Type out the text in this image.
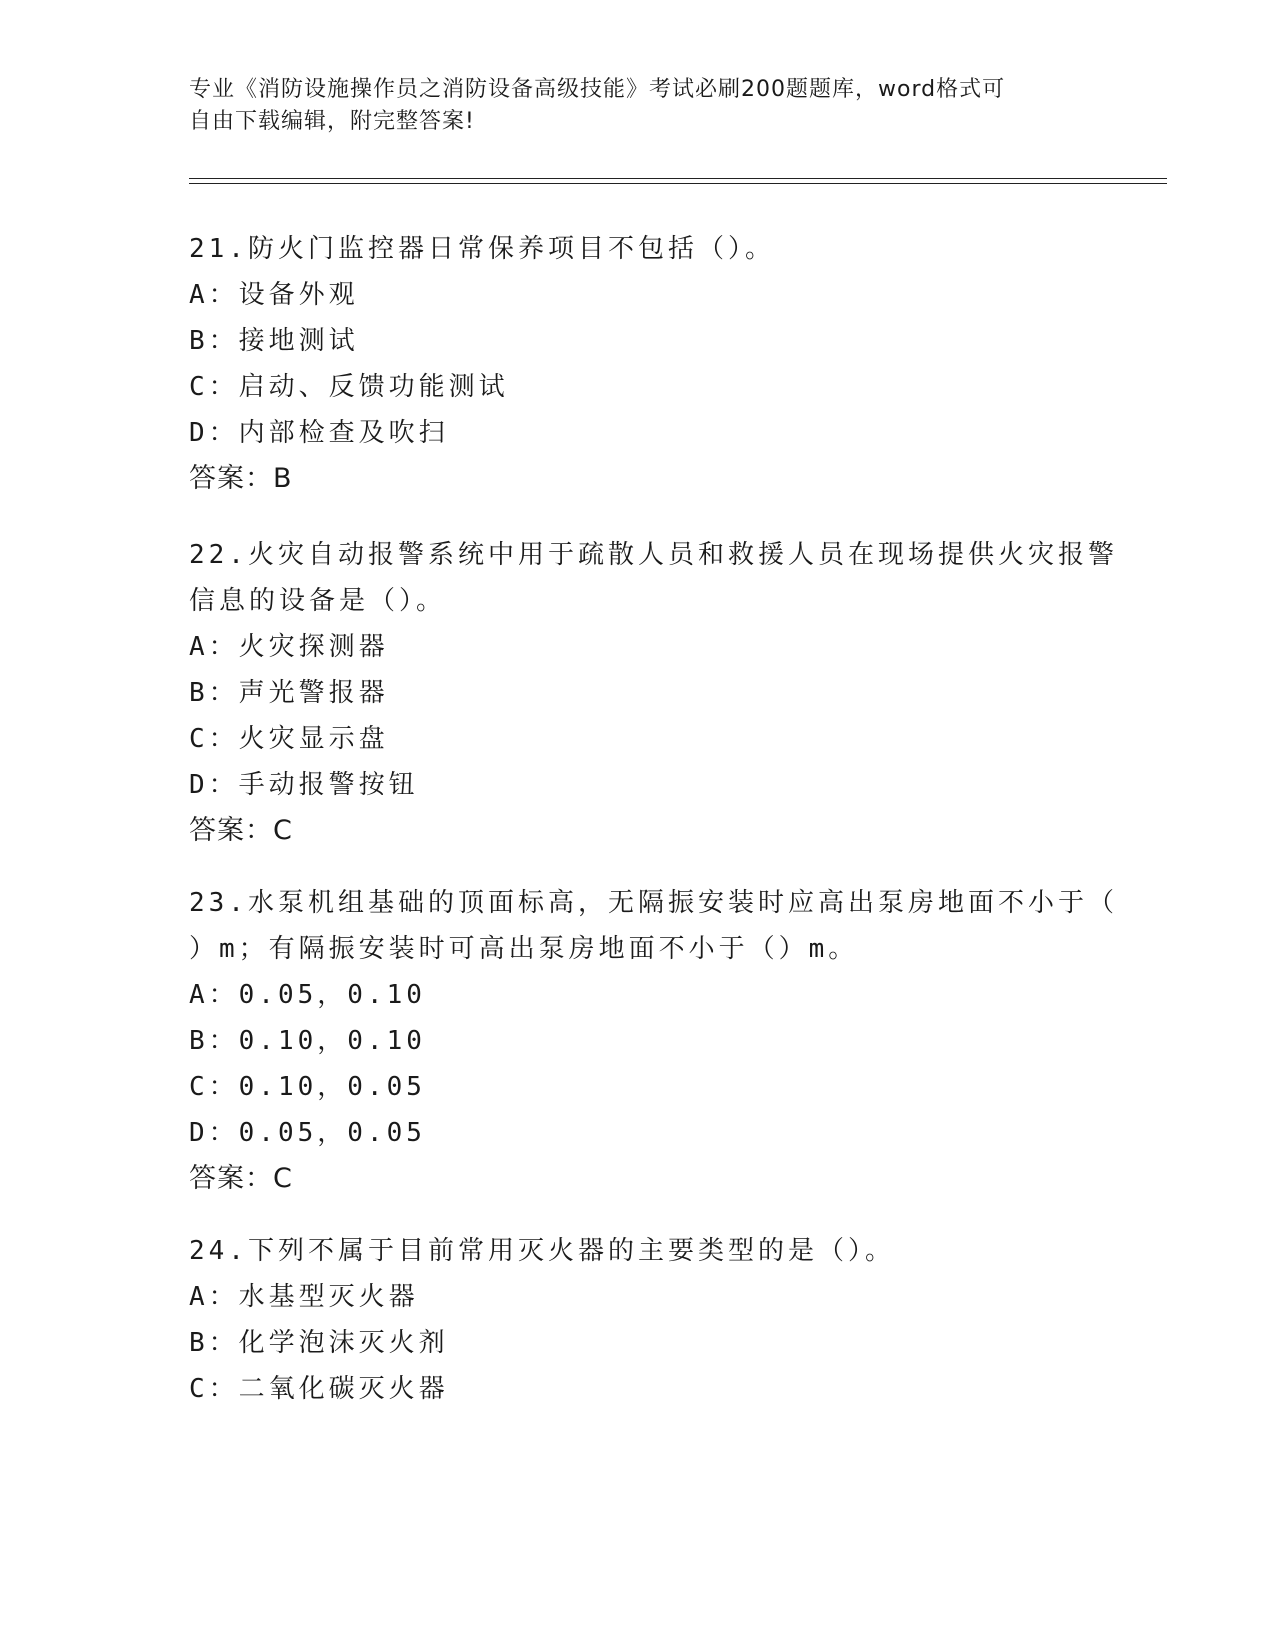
专业《消防设施操作员之消防设备高级技能》考试必刷200题题库，word格式可
自由下载编辑，附完整答案!
21.防火门监控器日常保养项目不包括（）。
A：设备外观
B：接地测试
C：启动、反馈功能测试
D：内部检查及吹扫
答案：B
22.火灾自动报警系统中用于疏散人员和救援人员在现场提供火灾报警
信息的设备是（）。
A：火灾探测器
B：声光警报器
C：火灾显示盘
D：手动报警按钮
答案：C
23.水泵机组基础的顶面标高，无隔振安装时应高出泵房地面不小于（
）m；有隔振安装时可高出泵房地面不小于（）m。
A：0.05，0.10
B：0.10，0.10
C：0.10，0.05
D：0.05，0.05
答案：C
24.下列不属于目前常用灭火器的主要类型的是（）。
A：水基型灭火器
B：化学泡沫灭火剂
C：二氧化碳灭火器
